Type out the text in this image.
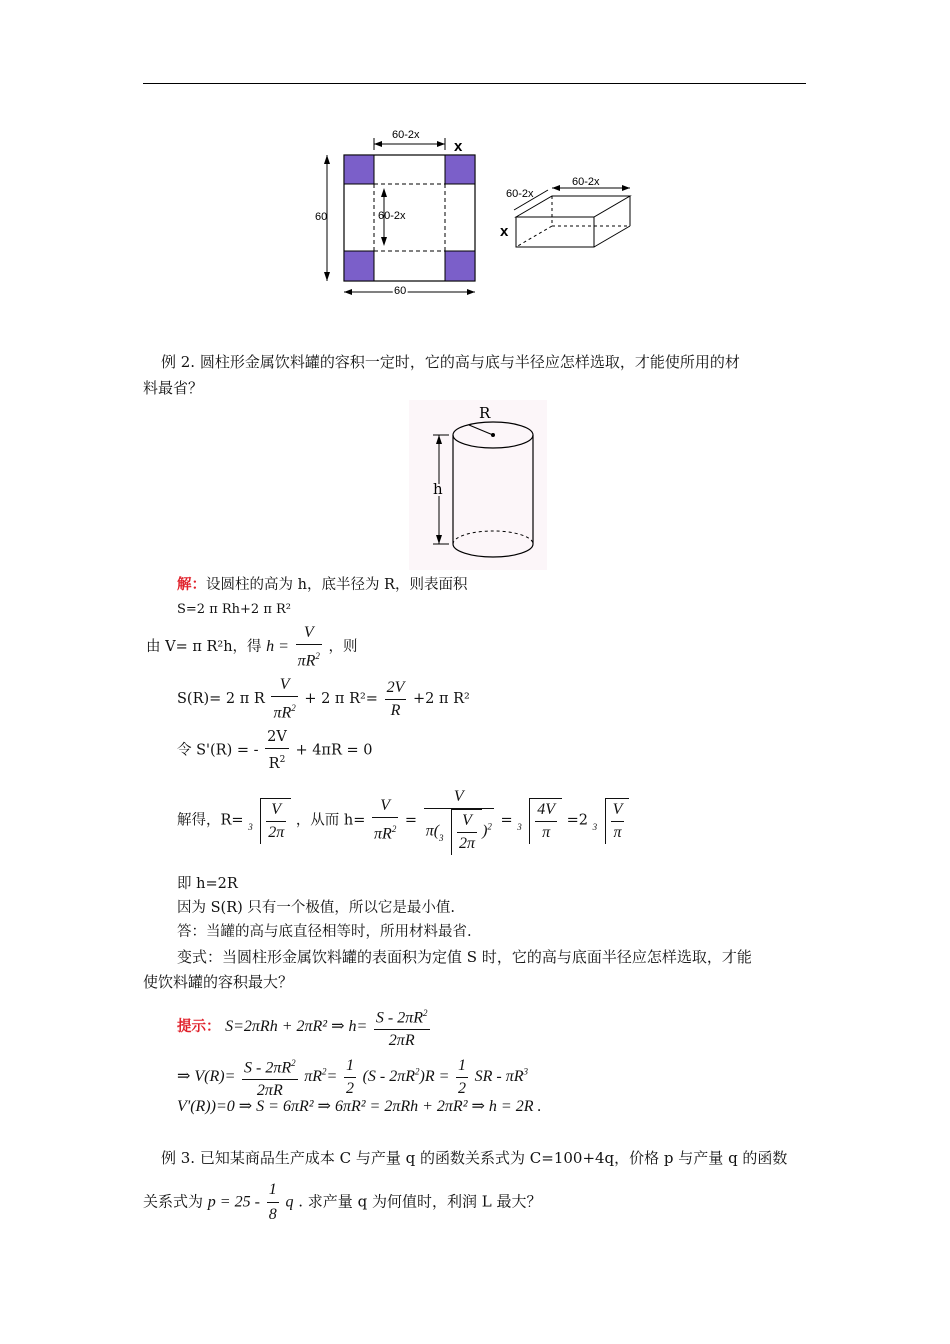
60-2x
x
60	60-2x
60
60-2x
60-2x
x
例 2. 圆柱形金属饮料罐的容积一定时，它的高与底与半径应怎样选取，才能使所用的材
料最省？
R
h
解：设圆柱的高为 h，底半径为 R，则表面积
S=2 π Rh+2 π R²
由 V= π R²h，得 $h = \frac{V}{\pi R^2}$ ，则
S(R)= 2 π R $\frac{V}{\pi R^2} + 2$ π $R^2= \frac{2V}{R} +2$ π R²
令 S'(R) = - $\frac{2V}{R^2} + 4\pi R = 0$
解得，$R= 3 \frac{V}{2\pi}$ ，从而 $h= \frac{V}{\pi R^2} = \frac{V}{\pi( 3 \frac{V}{2\pi} )^2} = 3 \frac{4V}{\pi} =2$ $3 \frac{V}{\pi}$
即 h=2R
因为 S(R) 只有一个极值，所以它是最小值.
答：当罐的高与底直径相等时，所用材料最省.
变式：当圆柱形金属饮料罐的表面积为定值 S 时，它的高与底面半径应怎样选取，才能
使饮料罐的容积最大？
提示： S=2πRh + 2πR² ⇒ $h= \frac{S - 2\pi R^2}{2\pi R}$
⇒ $V(R)= \frac{S - 2\pi R^2}{2\pi R} \pi R^2= \frac{1}{2} (S - 2\pi R^2)R = \frac{1}{2}$ SR - $\pi R^3$
V'(R))=0 ⇒ S = 6πR² ⇒ 6πR² = 2πRh + 2πR² ⇒ h = 2R .
例 3. 已知某商品生产成本 C 与产量 q 的函数关系式为 C=100+4q，价格 p 与产量 q 的函数
关系式为 $p = 25 - \frac{1}{8}$ q . 求产量 q 为何值时，利润 L 最大？
